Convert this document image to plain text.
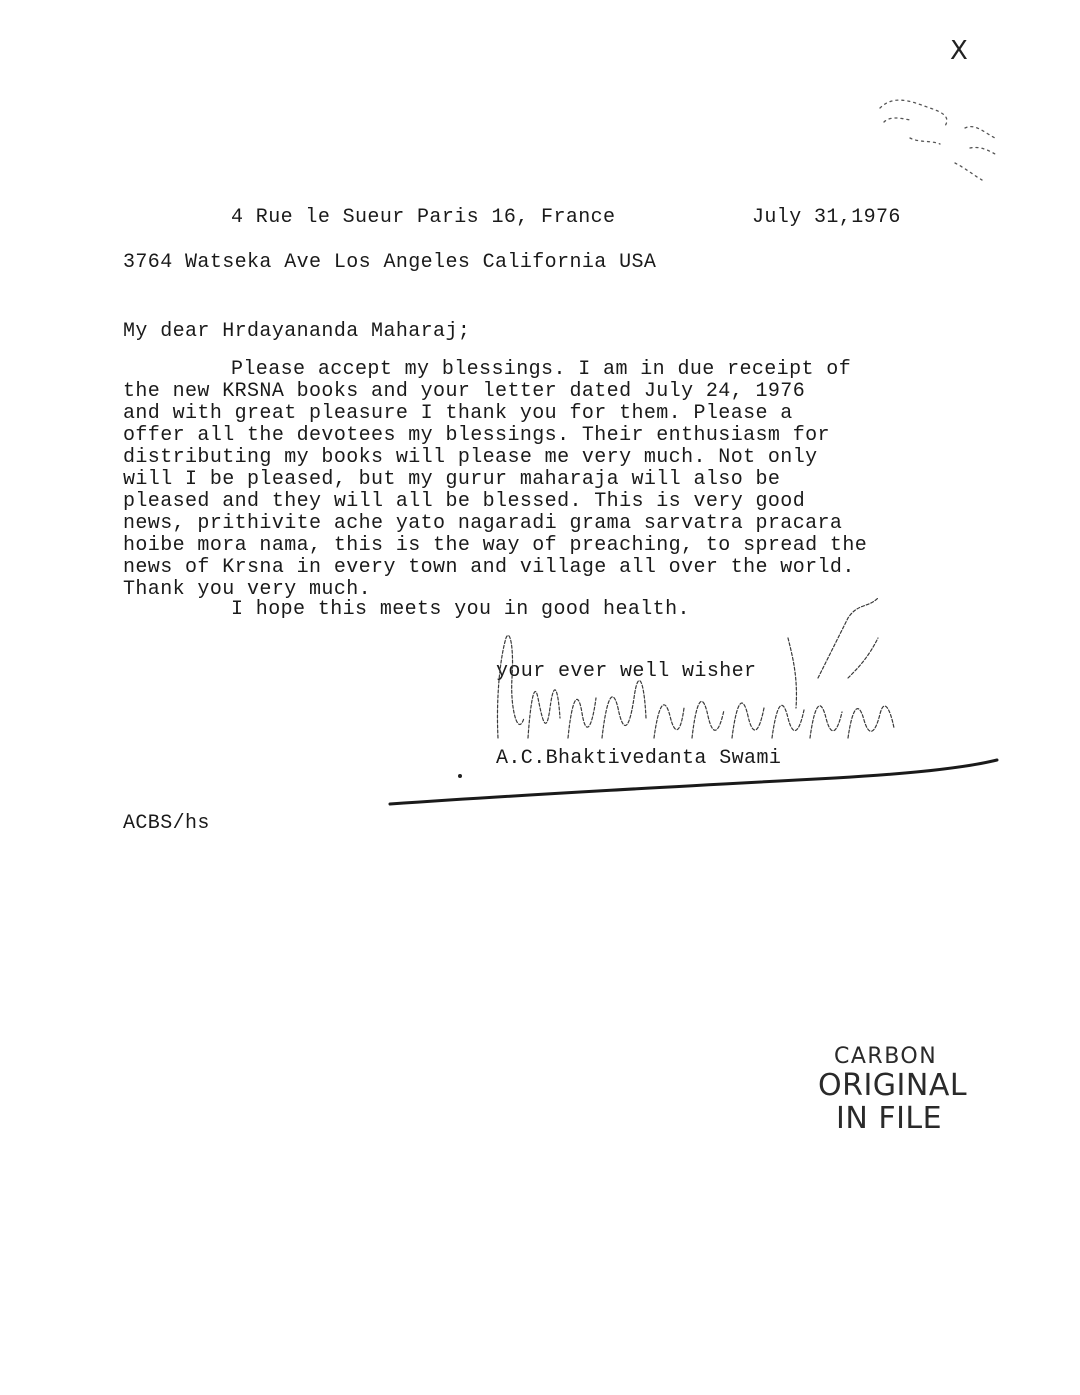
X
4 Rue le Sueur Paris 16, France	July 31,1976
3764 Watseka Ave Los Angeles California USA
My dear Hrdayananda Maharaj;
Please accept my blessings. I am in due receipt of
the new KRSNA books and your letter dated July 24, 1976
and with great pleasure I thank you for them. Please a
offer all the devotees my blessings. Their enthusiasm for
distributing my books will please me very much. Not only
will I be pleased, but my gurur maharaja will also be
pleased and they will all be blessed. This is very good
news, prithivite ache yato nagaradi grama sarvatra pracara
hoibe mora nama, this is the way of preaching, to spread the
news of Krsna in every town and village all over the world.
Thank you very much.
I hope this meets you in good health.
your ever well wisher
A.C.Bhaktivedanta Swami
ACBS/hs
CARBON
ORIGINAL
IN FILE
